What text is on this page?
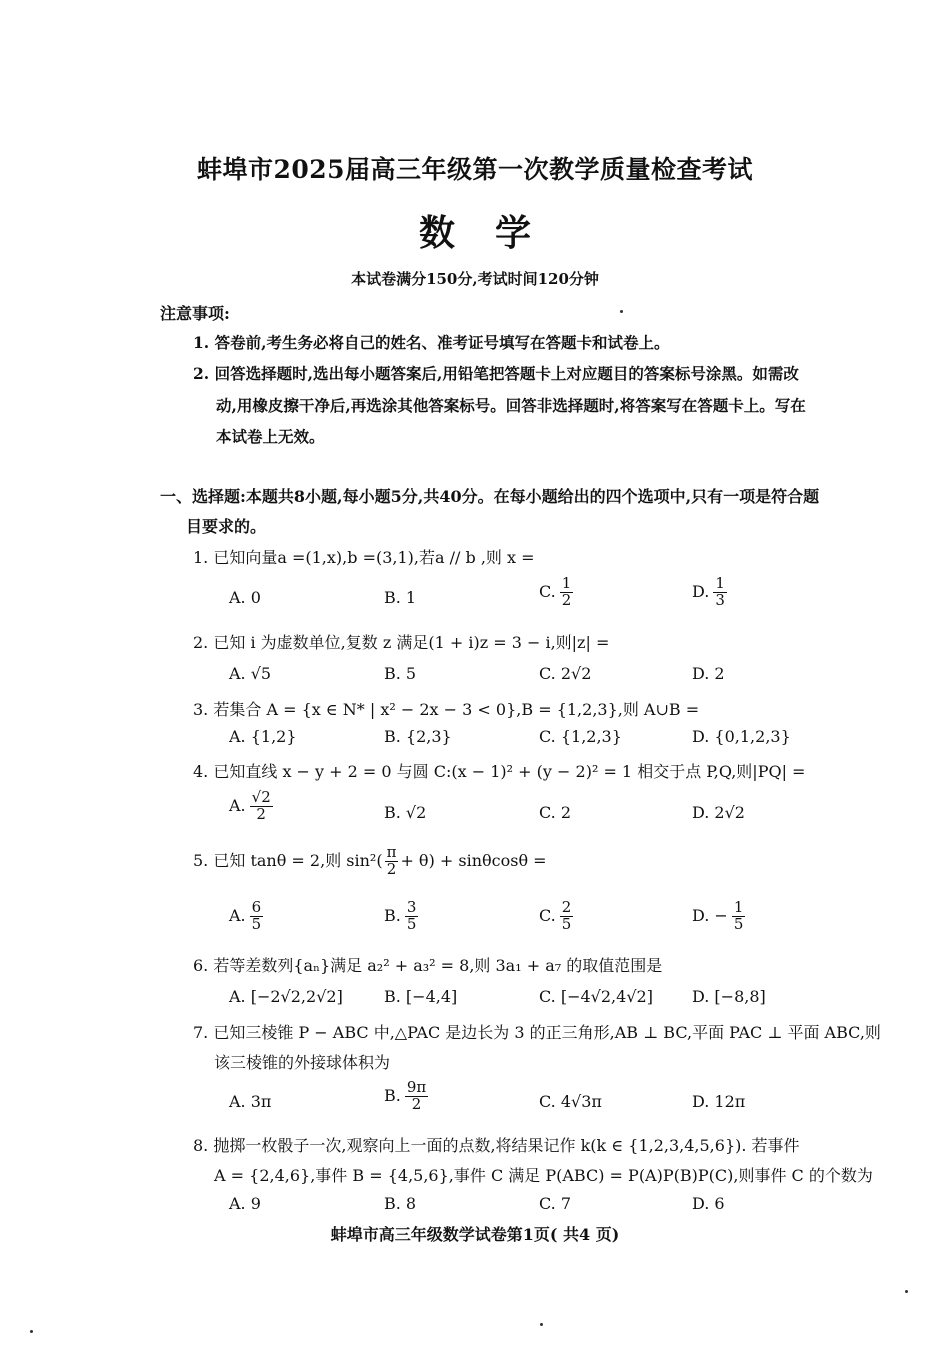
蚌埠市2025届高三年级第一次教学质量检查考试
数学
本试卷满分150分,考试时间120分钟
注意事项:
1. 答卷前,考生务必将自己的姓名、准考证号填写在答题卡和试卷上。
2. 回答选择题时,选出每小题答案后,用铅笔把答题卡上对应题目的答案标号涂黑。如需改
动,用橡皮擦干净后,再选涂其他答案标号。回答非选择题时,将答案写在答题卡上。写在
本试卷上无效。
一、选择题:本题共8小题,每小题5分,共40分。在每小题给出的四个选项中,只有一项是符合题
目要求的。
1. 已知向量a =(1,x),b =(3,1),若a // b ,则 x =
A. 0	B. 1	C. $\frac{1}{2}$	D. $\frac{1}{3}$
2. 已知 i 为虚数单位,复数 z 满足(1 + i)z = 3 − i,则|z| =
A. √5	B. 5	C. 2√2	D. 2
3. 若集合 A = {x ∈ N* | x² − 2x − 3 < 0},B = {1,2,3},则 A∪B =
A. {1,2}	B. {2,3}	C. {1,2,3}	D. {0,1,2,3}
4. 已知直线 x − y + 2 = 0 与圆 C:(x − 1)² + (y − 2)² = 1 相交于点 P,Q,则|PQ| =
A. $\frac{√2}{2}$	B. √2	C. 2	D. 2√2
5. 已知 tanθ = 2,则 $\sin^2( \frac{\pi}{2} + \theta) + \sin\theta\cos\theta$ =
A. $\frac{6}{5}$	B. $\frac{3}{5}$	C. $\frac{2}{5}$	D. − $\frac{1}{5}$
6. 若等差数列{aₙ}满足 a₂² + a₃² = 8,则 3a₁ + a₇ 的取值范围是
A. [−2√2,2√2]	B. [−4,4]	C. [−4√2,4√2] D. [−8,8]
7. 已知三棱锥 P − ABC 中,△PAC 是边长为 3 的正三角形,AB ⊥ BC,平面 PAC ⊥ 平面 ABC,则
该三棱锥的外接球体积为
A. 3π	B. $\frac{9\pi}{2}$	C. 4√3π	D. 12π
8. 抛掷一枚骰子一次,观察向上一面的点数,将结果记作 k(k ∈ {1,2,3,4,5,6}). 若事件
A = {2,4,6},事件 B = {4,5,6},事件 C 满足 P(ABC) = P(A)P(B)P(C),则事件 C 的个数为
A. 9	B. 8	C. 7	D. 6
蚌埠市高三年级数学试卷第1页( 共4 页)
